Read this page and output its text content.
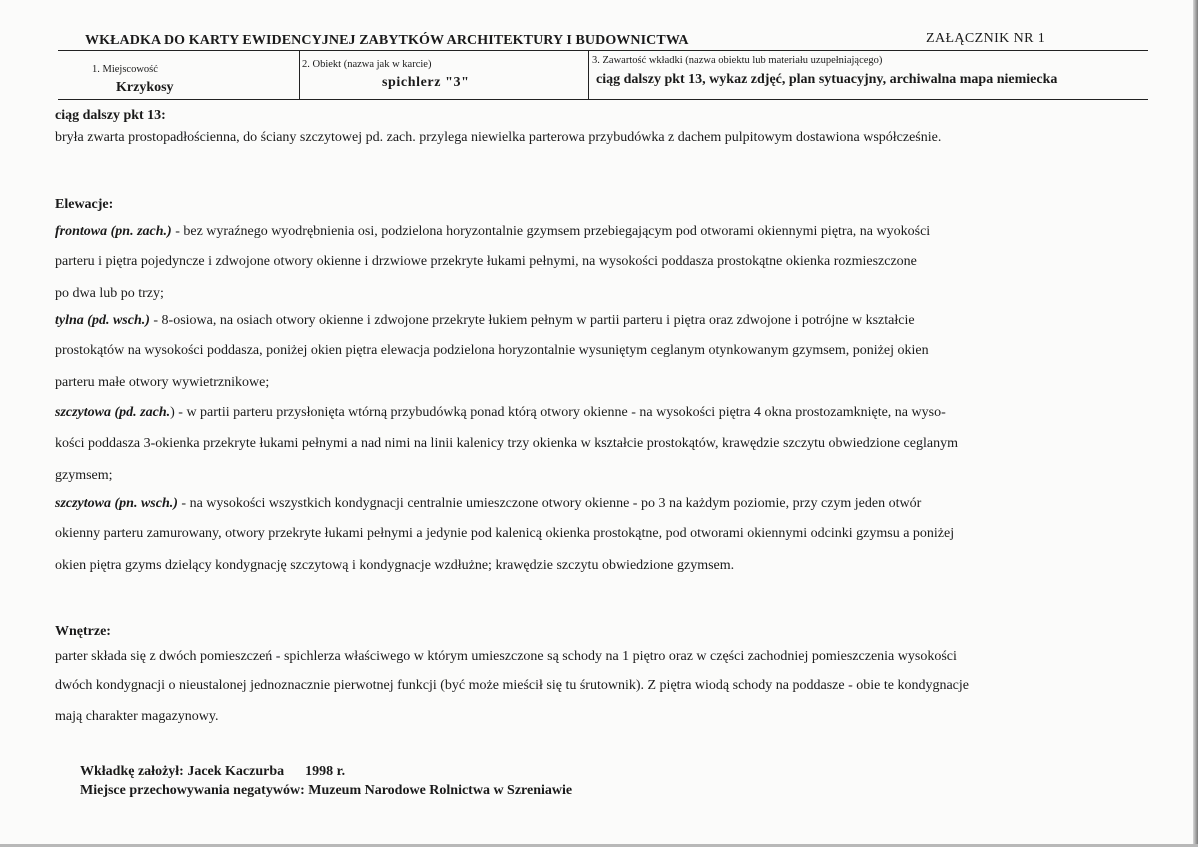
WKŁADKA DO KARTY EWIDENCYJNEJ ZABYTKÓW ARCHITEKTURY I BUDOWNICTWA	ZAŁĄCZNIK NR 1
1. Miejscowość
Krzykosy
2. Obiekt (nazwa jak w karcie)
spichlerz "3"
3. Zawartość wkładki (nazwa obiektu lub materiału uzupełniającego)
ciąg dalszy pkt 13, wykaz zdjęć, plan sytuacyjny, archiwalna mapa niemiecka
ciąg dalszy pkt 13:
bryła zwarta prostopadłościenna, do ściany szczytowej pd. zach. przylega niewielka parterowa przybudówka z dachem pulpitowym dostawiona współcześnie.
Elewacje:
frontowa (pn. zach.) - bez wyraźnego wyodrębnienia osi, podzielona horyzontalnie gzymsem przebiegającym pod otworami okiennymi piętra, na wyokości
parteru i piętra pojedyncze i zdwojone otwory okienne i drzwiowe przekryte łukami pełnymi, na wysokości poddasza prostokątne okienka rozmieszczone
po dwa lub po trzy;
tylna (pd. wsch.) - 8-osiowa, na osiach otwory okienne i zdwojone przekryte łukiem pełnym w partii parteru i piętra oraz zdwojone i potrójne w kształcie
prostokątów na wysokości poddasza, poniżej okien piętra elewacja podzielona horyzontalnie wysuniętym ceglanym otynkowanym gzymsem, poniżej okien
parteru małe otwory wywietrznikowe;
szczytowa (pd. zach.) - w partii parteru przysłonięta wtórną przybudówką ponad którą otwory okienne - na wysokości piętra 4 okna prostozamknięte, na wyso-
kości poddasza 3-okienka przekryte łukami pełnymi a nad nimi na linii kalenicy trzy okienka w kształcie prostokątów, krawędzie szczytu obwiedzione ceglanym
gzymsem;
szczytowa (pn. wsch.) - na wysokości wszystkich kondygnacji centralnie umieszczone otwory okienne - po 3 na każdym poziomie, przy czym jeden otwór
okienny parteru zamurowany, otwory przekryte łukami pełnymi a jedynie pod kalenicą okienka prostokątne, pod otworami okiennymi odcinki gzymsu a poniżej
okien piętra gzyms dzielący kondygnację szczytową i kondygnacje wzdłużne; krawędzie szczytu obwiedzione gzymsem.
Wnętrze:
parter składa się z dwóch pomieszczeń - spichlerza właściwego w którym umieszczone są schody na 1 piętro oraz w części zachodniej pomieszczenia wysokości
dwóch kondygnacji o nieustalonej jednoznacznie pierwotnej funkcji (być może mieścił się tu śrutownik). Z piętra wiodą schody na poddasze - obie te kondygnacje
mają charakter magazynowy.
Wkładkę założył: Jacek Kaczurba      1998 r.
Miejsce przechowywania negatywów: Muzeum Narodowe Rolnictwa w Szreniawie
